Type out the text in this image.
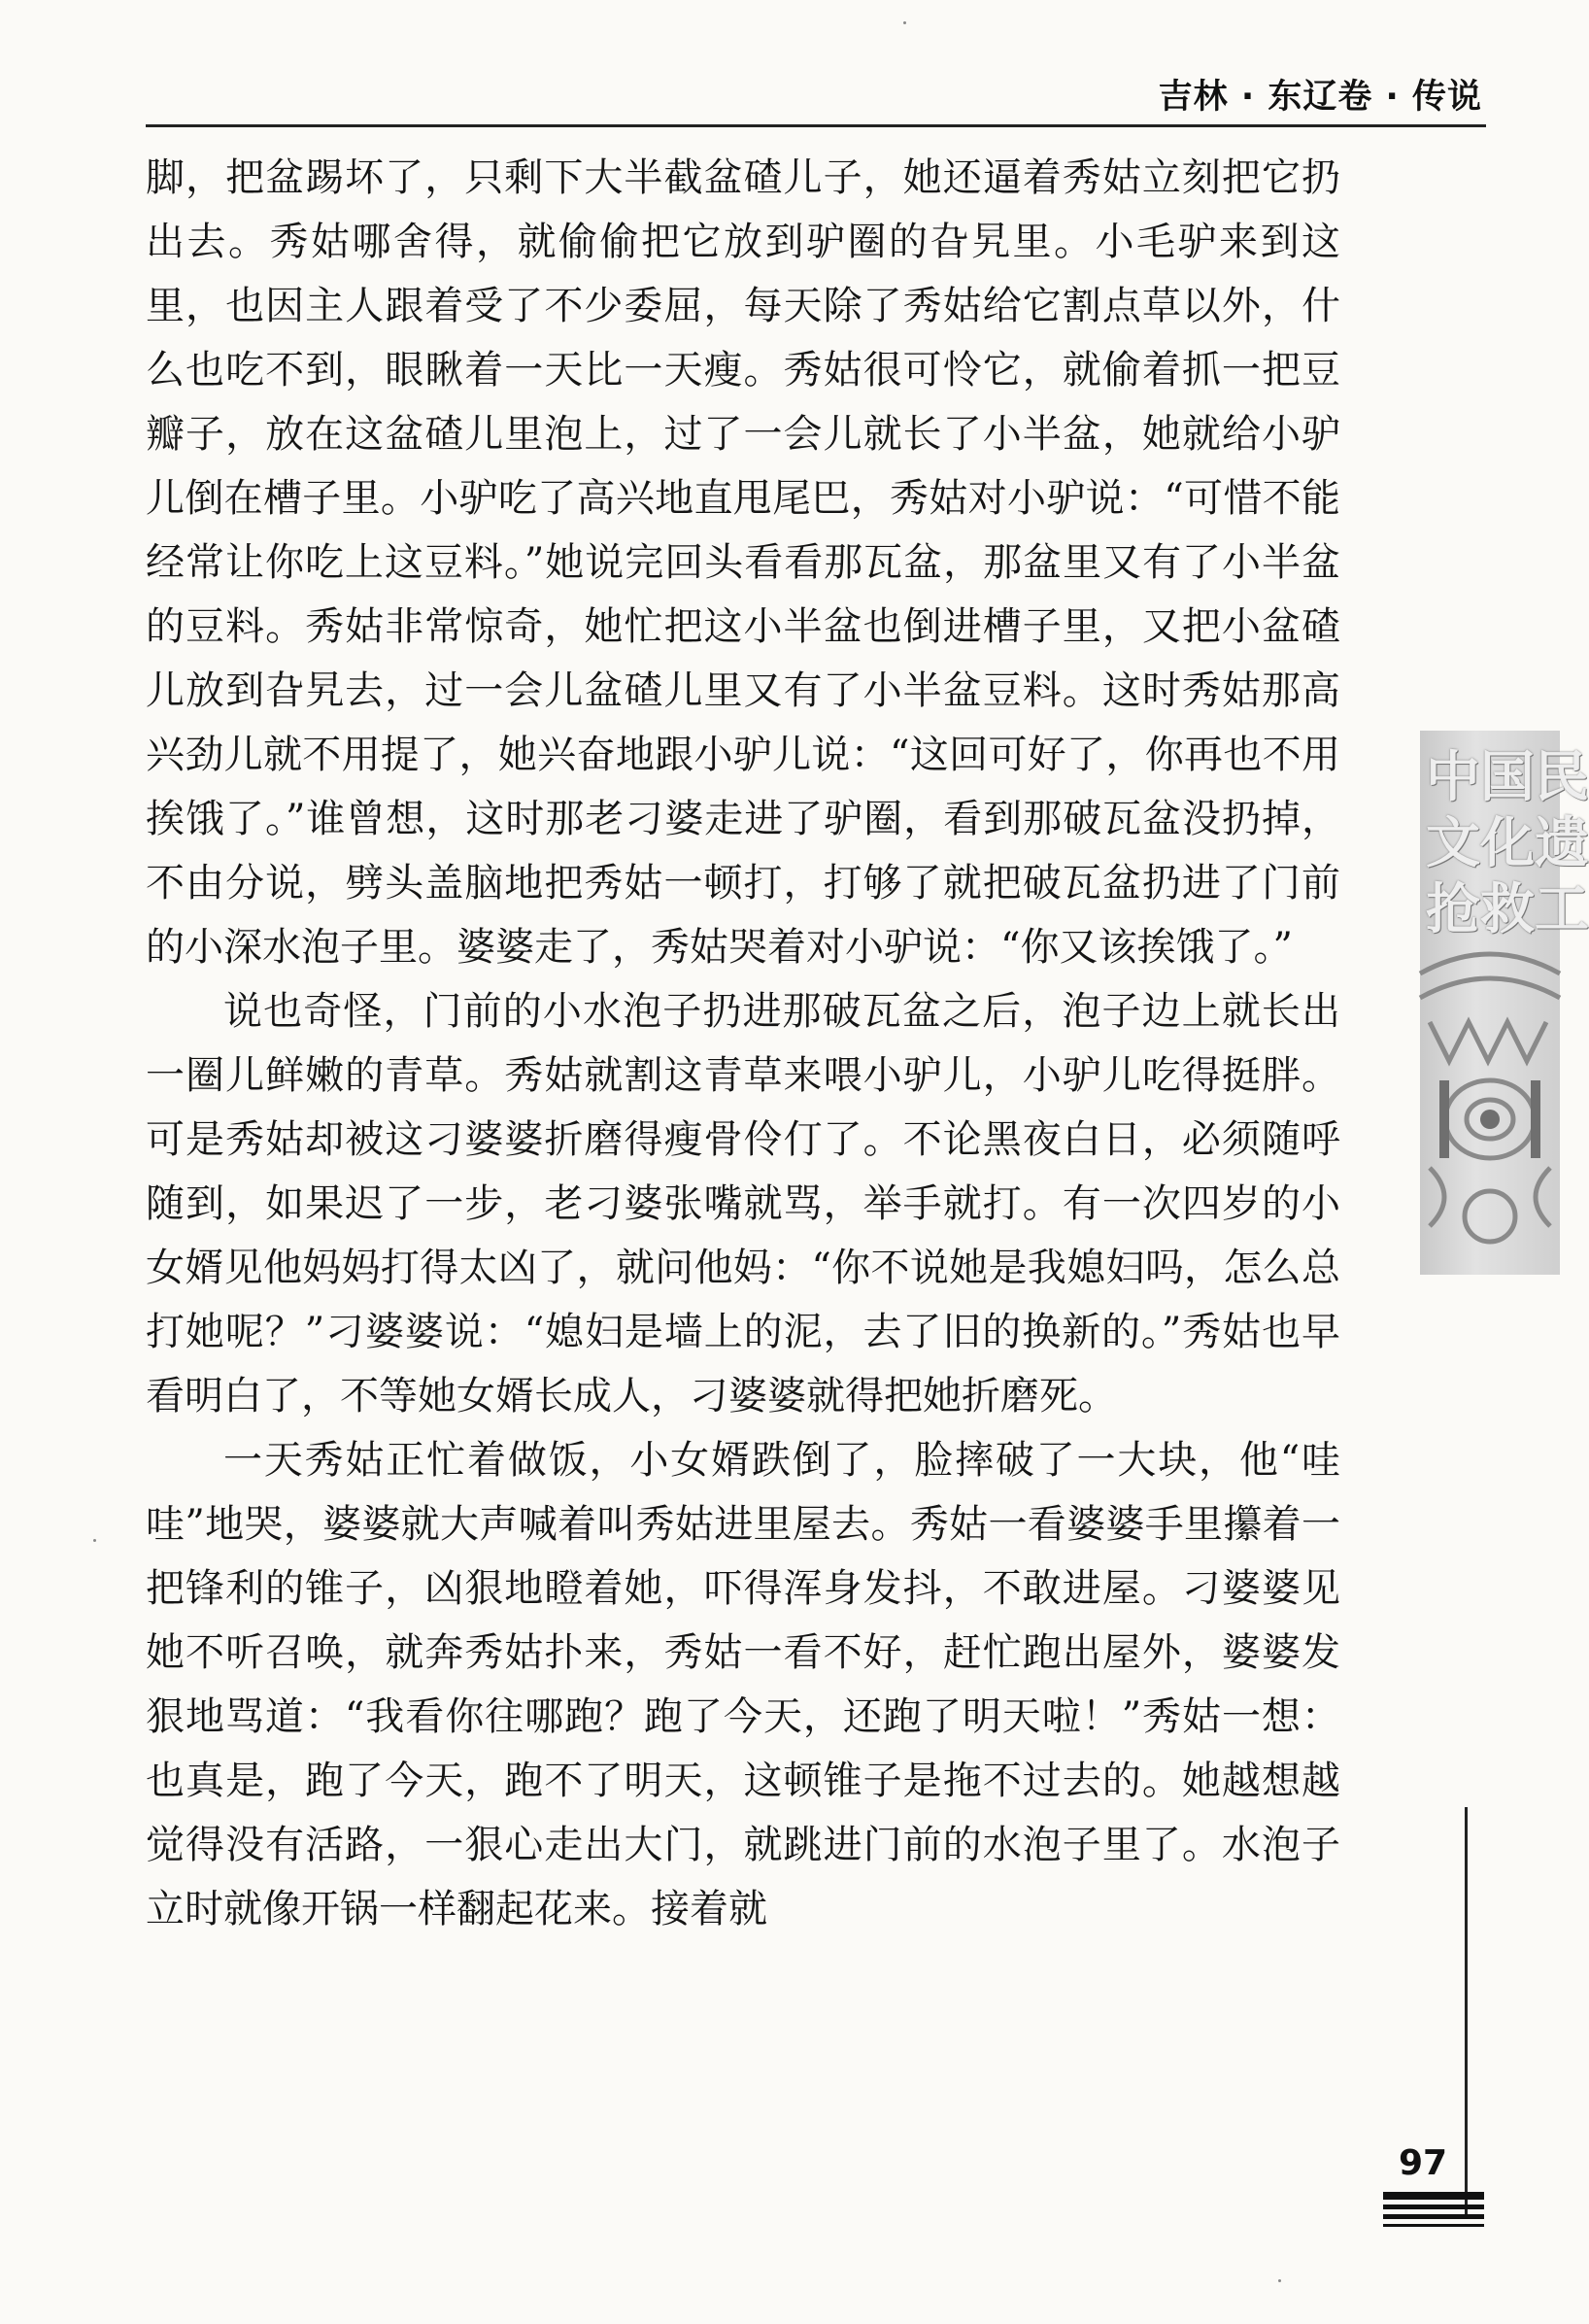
吉林 · 东辽卷 · 传说

脚，把盆踢坏了，只剩下大半截盆碴儿子，她还逼着秀姑立刻把它扔出去。秀姑哪舍得，就偷偷把它放到驴圈的旮旯里。小毛驴来到这里，也因主人跟着受了不少委屈，每天除了秀姑给它割点草以外，什么也吃不到，眼瞅着一天比一天瘦。秀姑很可怜它，就偷着抓一把豆瓣子，放在这盆碴儿里泡上，过了一会儿就长了小半盆，她就给小驴儿倒在槽子里。小驴吃了高兴地直甩尾巴，秀姑对小驴说：“可惜不能经常让你吃上这豆料。”她说完回头看看那瓦盆，那盆里又有了小半盆的豆料。秀姑非常惊奇，她忙把这小半盆也倒进槽子里，又把小盆碴儿放到旮旯去，过一会儿盆碴儿里又有了小半盆豆料。这时秀姑那高兴劲儿就不用提了，她兴奋地跟小驴儿说：“这回可好了，你再也不用挨饿了。”谁曾想，这时那老刁婆走进了驴圈，看到那破瓦盆没扔掉，不由分说，劈头盖脑地把秀姑一顿打，打够了就把破瓦盆扔进了门前的小深水泡子里。婆婆走了，秀姑哭着对小驴说：“你又该挨饿了。”

说也奇怪，门前的小水泡子扔进那破瓦盆之后，泡子边上就长出一圈儿鲜嫩的青草。秀姑就割这青草来喂小驴儿，小驴儿吃得挺胖。可是秀姑却被这刁婆婆折磨得瘦骨伶仃了。不论黑夜白日，必须随呼随到，如果迟了一步，老刁婆张嘴就骂，举手就打。有一次四岁的小女婿见他妈妈打得太凶了，就问他妈：“你不说她是我媳妇吗，怎么总打她呢？”刁婆婆说：“媳妇是墙上的泥，去了旧的换新的。”秀姑也早看明白了，不等她女婿长成人，刁婆婆就得把她折磨死。

一天秀姑正忙着做饭，小女婿跌倒了，脸摔破了一大块，他“哇哇”地哭，婆婆就大声喊着叫秀姑进里屋去。秀姑一看婆婆手里攥着一把锋利的锥子，凶狠地瞪着她，吓得浑身发抖，不敢进屋。刁婆婆见她不听召唤，就奔秀姑扑来，秀姑一看不好，赶忙跑出屋外，婆婆发狠地骂道：“我看你往哪跑？跑了今天，还跑了明天啦！”秀姑一想：也真是，跑了今天，跑不了明天，这顿锥子是拖不过去的。她越想越觉得没有活路，一狠心走出大门，就跳进门前的水泡子里了。水泡子立时就像开锅一样翻起花来。接着就

中国民
文化遗
抢救工
97
